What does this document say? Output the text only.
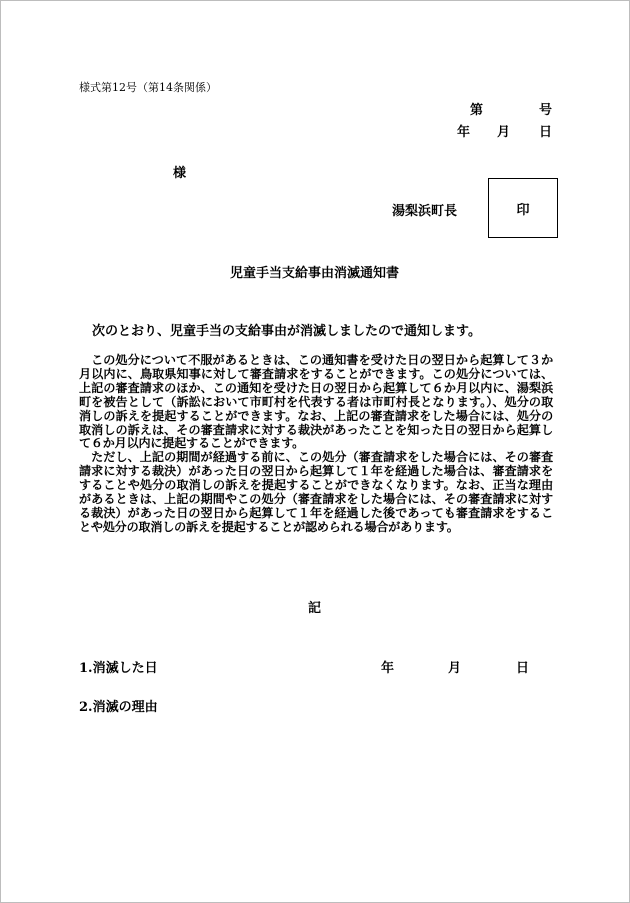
様式第12号（第14条関係）
第	号
年 月 日
様
湯梨浜町長	印
児童手当支給事由消滅通知書
次のとおり、児童手当の支給事由が消滅しましたので通知します。

この処分について不服があるときは、この通知書を受けた日の翌日から起算して３か月以内に、鳥取県知事に対して審査請求をすることができます。この処分については、上記の審査請求のほか、この通知を受けた日の翌日から起算して６か月以内に、湯梨浜町を被告として（訴訟において市町村を代表する者は市町村長となります。）、処分の取消しの訴えを提起することができます。なお、上記の審査請求をした場合には、処分の取消しの訴えは、その審査請求に対する裁決があったことを知った日の翌日から起算して６か月以内に提起することができます。

ただし、上記の期間が経過する前に、この処分（審査請求をした場合には、その審査請求に対する裁決）があった日の翌日から起算して１年を経過した場合は、審査請求をすることや処分の取消しの訴えを提起することができなくなります。なお、正当な理由があるときは、上記の期間やこの処分（審査請求をした場合には、その審査請求に対する裁決）があった日の翌日から起算して１年を経過した後であっても審査請求をすることや処分の取消しの訴えを提起することが認められる場合があります。

記
1.消滅した日	年	月	日
2.消滅の理由
